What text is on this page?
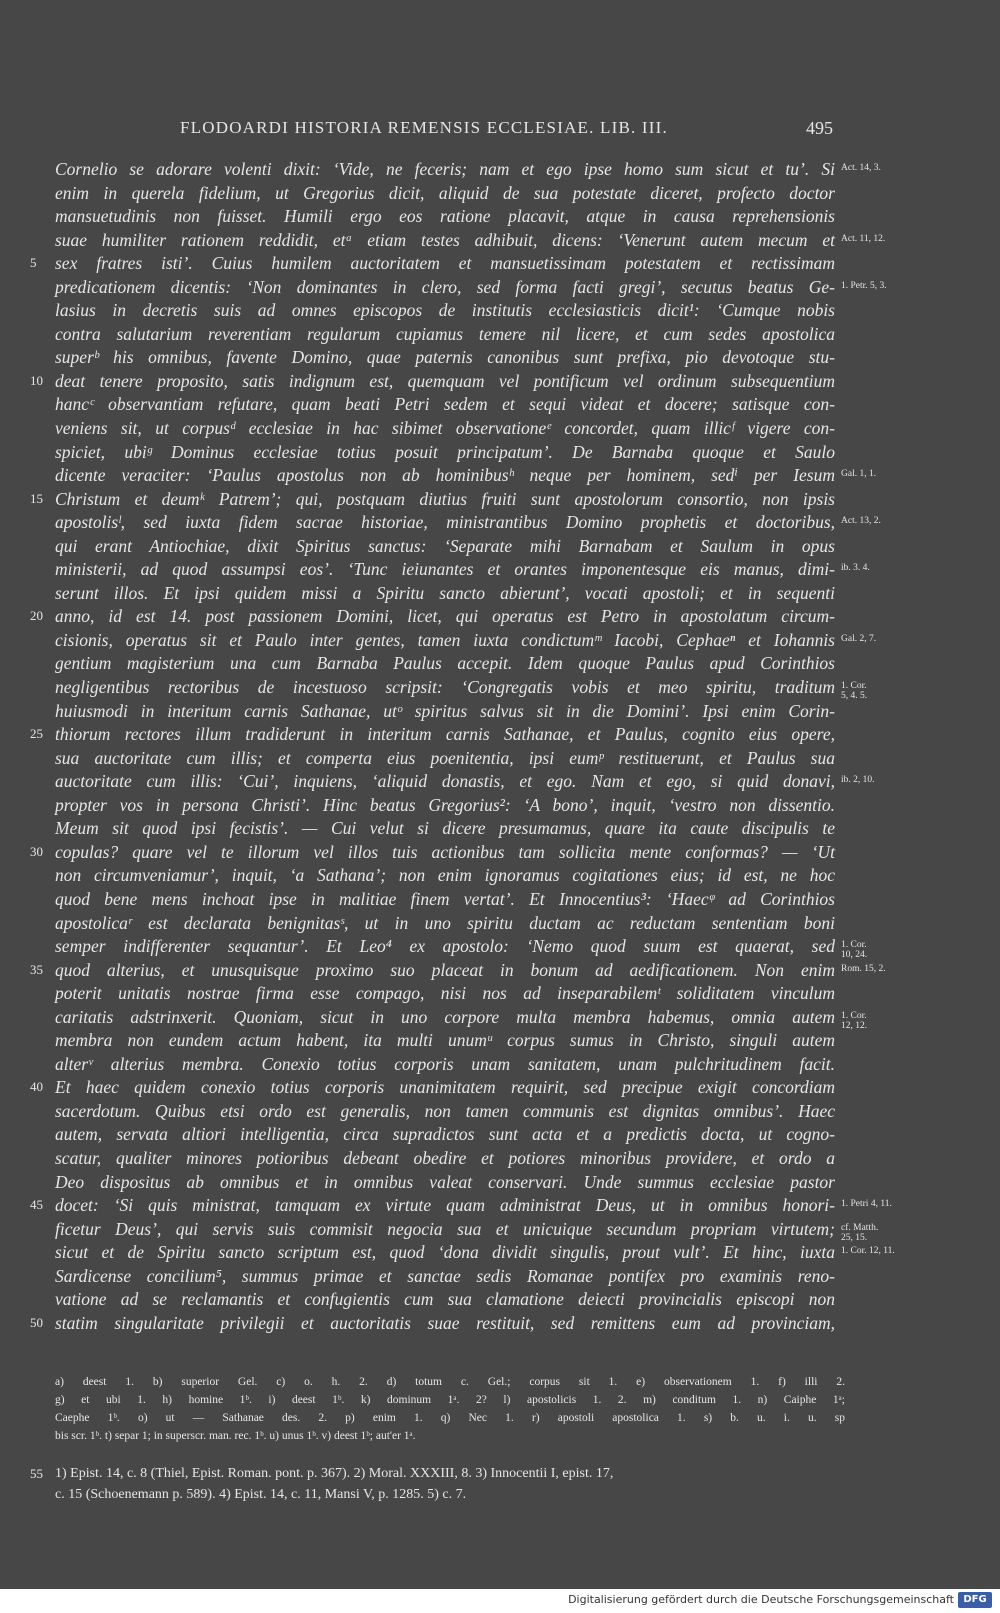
FLODOARDI HISTORIA REMENSIS ECCLESIAE. LIB. III.	495
Cornelio se adorare volenti dixit: ‘Vide, ne feceris; nam et ego ipse homo sum sicut et tu’. Si Act. 14, 3.
enim in querela fidelium, ut Gregorius dicit, aliquid de sua potestate diceret, profecto doctor
mansuetudinis non fuisset. Humili ergo eos ratione placavit, atque in causa reprehensionis
suae humiliter rationem reddidit, etᵃ etiam testes adhibuit, dicens: ‘Venerunt autem mecum et Act. 11, 12.
5 sex fratres isti’. Cuius humilem auctoritatem et mansuetissimam potestatem et rectissimam
predicationem dicentis: ‘Non dominantes in clero, sed forma facti gregi’, secutus beatus Ge- 1. Petr. 5, 3.
lasius in decretis suis ad omnes episcopos de institutis ecclesiasticis dicit¹: ‘Cumque nobis
contra salutarium reverentiam regularum cupiamus temere nil licere, et cum sedes apostolica
superᵇ his omnibus, favente Domino, quae paternis canonibus sunt prefixa, pio devotoque stu-
10 deat tenere proposito, satis indignum est, quemquam vel pontificum vel ordinum subsequentium
hancᶜ observantiam refutare, quam beati Petri sedem et sequi videat et docere; satisque con-
veniens sit, ut corpusᵈ ecclesiae in hac sibimet observationeᵉ concordet, quam illicᶠ vigere con-
spiciet, ubiᵍ Dominus ecclesiae totius posuit principatum’. De Barnaba quoque et Saulo
dicente veraciter: ‘Paulus apostolus non ab hominibusʰ neque per hominem, sedⁱ per Iesum Gal. 1, 1.
15 Christum et deumᵏ Patrem’; qui, postquam diutius fruiti sunt apostolorum consortio, non ipsis
apostolisˡ, sed iuxta fidem sacrae historiae, ministrantibus Domino prophetis et doctoribus, Act. 13, 2.
qui erant Antiochiae, dixit Spiritus sanctus: ‘Separate mihi Barnabam et Saulum in opus
ministerii, ad quod assumpsi eos’. ‘Tunc ieiunantes et orantes imponentesque eis manus, dimi- ib. 3. 4.
serunt illos. Et ipsi quidem missi a Spiritu sancto abierunt’, vocati apostoli; et in sequenti
20 anno, id est 14. post passionem Domini, licet, qui operatus est Petro in apostolatum circum-
cisionis, operatus sit et Paulo inter gentes, tamen iuxta condictumᵐ Iacobi, Cephaeⁿ et Iohannis Gal. 2, 7.
gentium magisterium una cum Barnaba Paulus accepit. Idem quoque Paulus apud Corinthios
negligentibus rectoribus de incestuoso scripsit: ‘Congregatis vobis et meo spiritu, traditum 1. Cor.
5, 4. 5.
huiusmodi in interitum carnis Sathanae, utᵒ spiritus salvus sit in die Domini’. Ipsi enim Corin-
25 thiorum rectores illum tradiderunt in interitum carnis Sathanae, et Paulus, cognito eius opere,
sua auctoritate cum illis; et comperta eius poenitentia, ipsi eumᵖ restituerunt, et Paulus sua
auctoritate cum illis: ‘Cui’, inquiens, ‘aliquid donastis, et ego. Nam et ego, si quid donavi, ib. 2, 10.
propter vos in persona Christi’. Hinc beatus Gregorius²: ‘A bono’, inquit, ‘vestro non dissentio.
Meum sit quod ipsi fecistis’. — Cui velut si dicere presumamus, quare ita caute discipulis te
30 copulas? quare vel te illorum vel illos tuis actionibus tam sollicita mente conformas? — ‘Ut
non circumveniamur’, inquit, ‘a Sathana’; non enim ignoramus cogitationes eius; id est, ne hoc
quod bene mens inchoat ipse in malitiae finem vertat’. Et Innocentius³: ‘Haecᵠ ad Corinthios
apostolicaʳ est declarata benignitasˢ, ut in uno spiritu ductam ac reductam sententiam boni
semper indifferenter sequantur’. Et Leo⁴ ex apostolo: ‘Nemo quod suum est quaerat, sed 1. Cor.
10, 24.
35 quod alterius, et unusquisque proximo suo placeat in bonum ad aedificationem. Non enim Rom. 15, 2.
poterit unitatis nostrae firma esse compago, nisi nos ad inseparabilemᵗ soliditatem vinculum
caritatis adstrinxerit. Quoniam, sicut in uno corpore multa membra habemus, omnia autem 1. Cor.
12, 12.
membra non eundem actum habent, ita multi unumᵘ corpus sumus in Christo, singuli autem
alterᵛ alterius membra. Conexio totius corporis unam sanitatem, unam pulchritudinem facit.
40 Et haec quidem conexio totius corporis unanimitatem requirit, sed precipue exigit concordiam
sacerdotum. Quibus etsi ordo est generalis, non tamen communis est dignitas omnibus’. Haec
autem, servata altiori intelligentia, circa supradictos sunt acta et a predictis docta, ut cogno-
scatur, qualiter minores potioribus debeant obedire et potiores minoribus providere, et ordo a
Deo dispositus ab omnibus et in omnibus valeat conservari. Unde summus ecclesiae pastor
45 docet: ‘Si quis ministrat, tamquam ex virtute quam administrat Deus, ut in omnibus honori- 1. Petri 4, 11.
ficetur Deus’, qui servis suis commisit negocia sua et unicuique secundum propriam virtutem; cf. Matth.
25, 15.
sicut et de Spiritu sancto scriptum est, quod ‘dona dividit singulis, prout vult’. Et hinc, iuxta 1. Cor. 12, 11.
Sardicense concilium⁵, summus primae et sanctae sedis Romanae pontifex pro examinis reno-
vatione ad se reclamantis et confugientis cum sua clamatione deiecti provincialis episcopi non
50 statim singularitate privilegii et auctoritatis suae restituit, sed remittens eum ad provinciam,
a) deest 1. b) superior Gel. c) o. h. 2. d) totum c. Gel.; corpus sit 1. e) observationem 1. f) illi 2.
g) et ubi 1. h) homine 1ᵇ. i) deest 1ᵇ. k) dominum 1ᵃ. 2? l) apostolicis 1. 2. m) conditum 1. n) Caiphe 1ᵃ;
Caephe 1ᵇ. o) ut — Sathanae des. 2. p) enim 1. q) Nec 1. r) apostoli apostolica 1. s) b. u. i. u. sp
bis scr. 1ᵇ. t) separ 1; in superscr. man. rec. 1ᵇ. u) unus 1ᵇ. v) deest 1ᵇ; aut'er 1ᵃ.
55 1) Epist. 14, c. 8 (Thiel, Epist. Roman. pont. p. 367). 2) Moral. XXXIII, 8. 3) Innocentii I, epist. 17,
c. 15 (Schoenemann p. 589). 4) Epist. 14, c. 11, Mansi V, p. 1285. 5) c. 7.
Digitalisierung gefördert durch die Deutsche Forschungsgemeinschaft DFG
